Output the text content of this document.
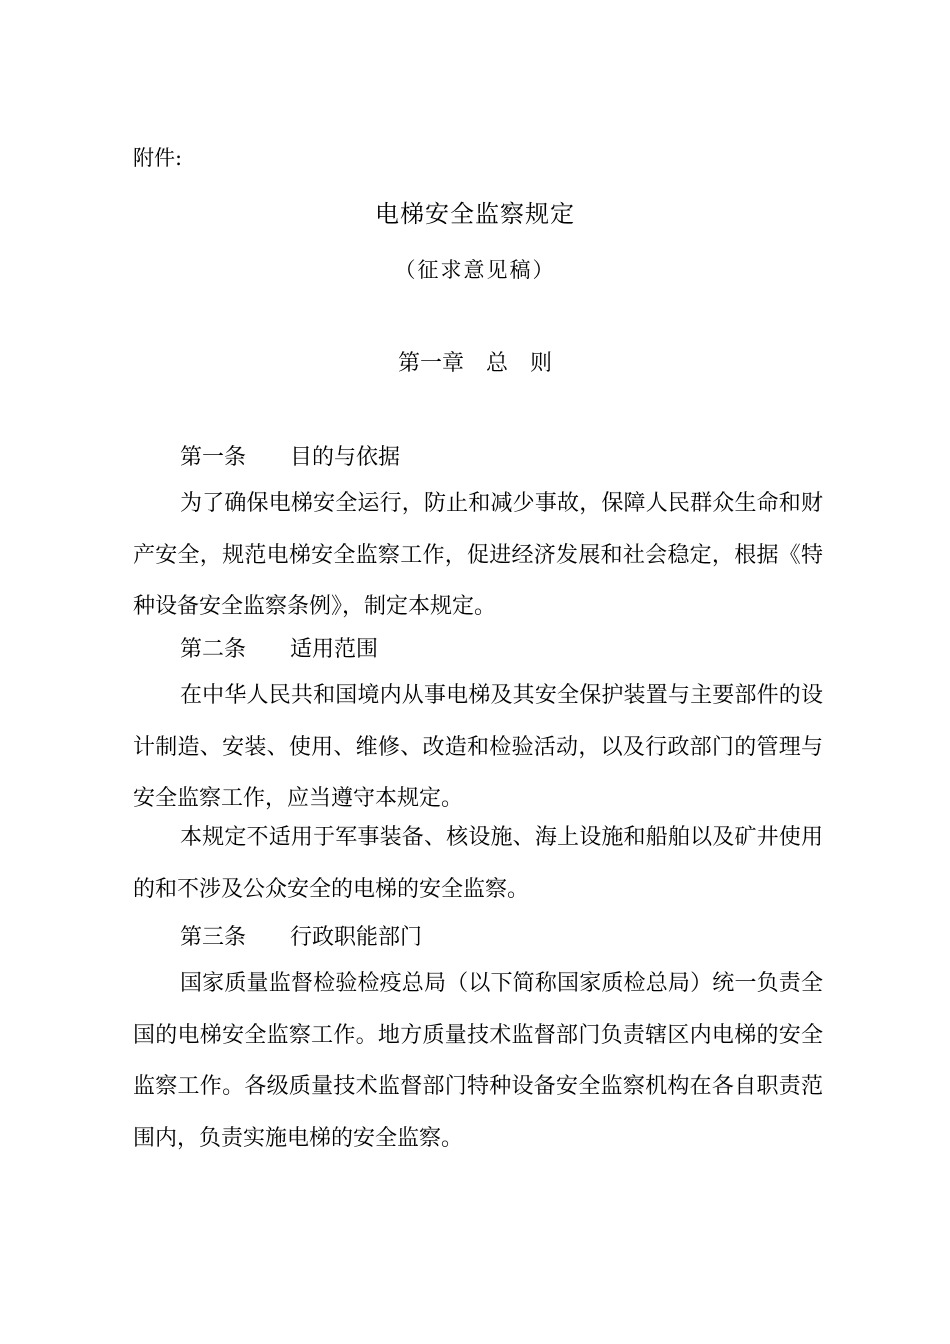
附件:
电梯安全监察规定
（征求意见稿）
第一章　总　则
第一条　　目的与依据
为了确保电梯安全运行，防止和减少事故，保障人民群众生命和财产安全，规范电梯安全监察工作，促进经济发展和社会稳定，根据《特种设备安全监察条例》，制定本规定。
第二条　　适用范围
在中华人民共和国境内从事电梯及其安全保护装置与主要部件的设计制造、安装、使用、维修、改造和检验活动，以及行政部门的管理与安全监察工作，应当遵守本规定。
本规定不适用于军事装备、核设施、海上设施和船舶以及矿井使用的和不涉及公众安全的电梯的安全监察。
第三条　　行政职能部门
国家质量监督检验检疫总局（以下简称国家质检总局）统一负责全国的电梯安全监察工作。地方质量技术监督部门负责辖区内电梯的安全监察工作。各级质量技术监督部门特种设备安全监察机构在各自职责范围内，负责实施电梯的安全监察。
